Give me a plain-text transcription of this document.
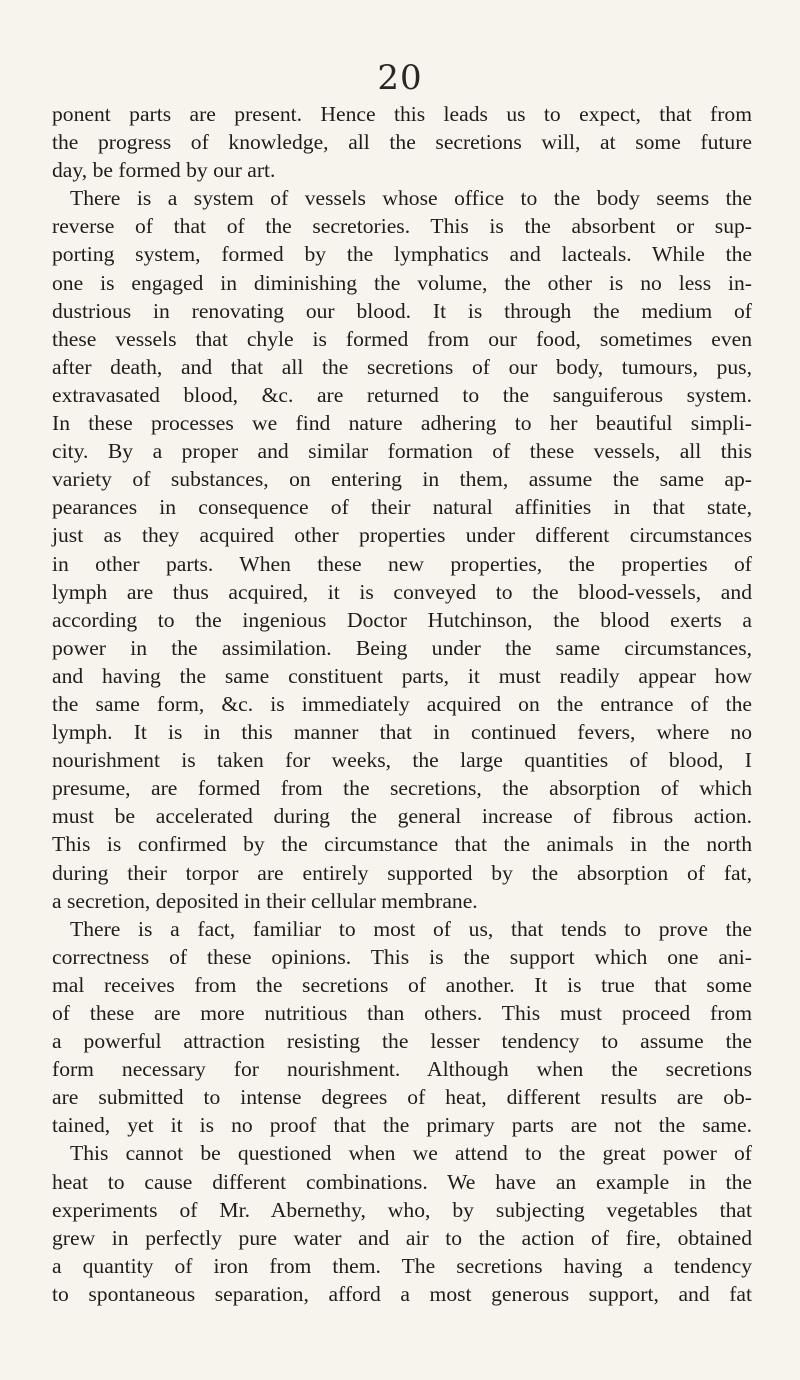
20
ponent parts are present. Hence this leads us to expect, that from
the progress of knowledge, all the secretions will, at some future
day, be formed by our art.
There is a system of vessels whose office to the body seems the
reverse of that of the secretories. This is the absorbent or sup-
porting system, formed by the lymphatics and lacteals. While the
one is engaged in diminishing the volume, the other is no less in-
dustrious in renovating our blood. It is through the medium of
these vessels that chyle is formed from our food, sometimes even
after death, and that all the secretions of our body, tumours, pus,
extravasated blood, &c. are returned to the sanguiferous system.
In these processes we find nature adhering to her beautiful simpli-
city. By a proper and similar formation of these vessels, all this
variety of substances, on entering in them, assume the same ap-
pearances in consequence of their natural affinities in that state,
just as they acquired other properties under different circumstances
in other parts. When these new properties, the properties of
lymph are thus acquired, it is conveyed to the blood-vessels, and
according to the ingenious Doctor Hutchinson, the blood exerts a
power in the assimilation. Being under the same circumstances,
and having the same constituent parts, it must readily appear how
the same form, &c. is immediately acquired on the entrance of the
lymph. It is in this manner that in continued fevers, where no
nourishment is taken for weeks, the large quantities of blood, I
presume, are formed from the secretions, the absorption of which
must be accelerated during the general increase of fibrous action.
This is confirmed by the circumstance that the animals in the north
during their torpor are entirely supported by the absorption of fat,
a secretion, deposited in their cellular membrane.
There is a fact, familiar to most of us, that tends to prove the
correctness of these opinions. This is the support which one ani-
mal receives from the secretions of another. It is true that some
of these are more nutritious than others. This must proceed from
a powerful attraction resisting the lesser tendency to assume the
form necessary for nourishment. Although when the secretions
are submitted to intense degrees of heat, different results are ob-
tained, yet it is no proof that the primary parts are not the same.
This cannot be questioned when we attend to the great power of
heat to cause different combinations. We have an example in the
experiments of Mr. Abernethy, who, by subjecting vegetables that
grew in perfectly pure water and air to the action of fire, obtained
a quantity of iron from them. The secretions having a tendency
to spontaneous separation, afford a most generous support, and fat
